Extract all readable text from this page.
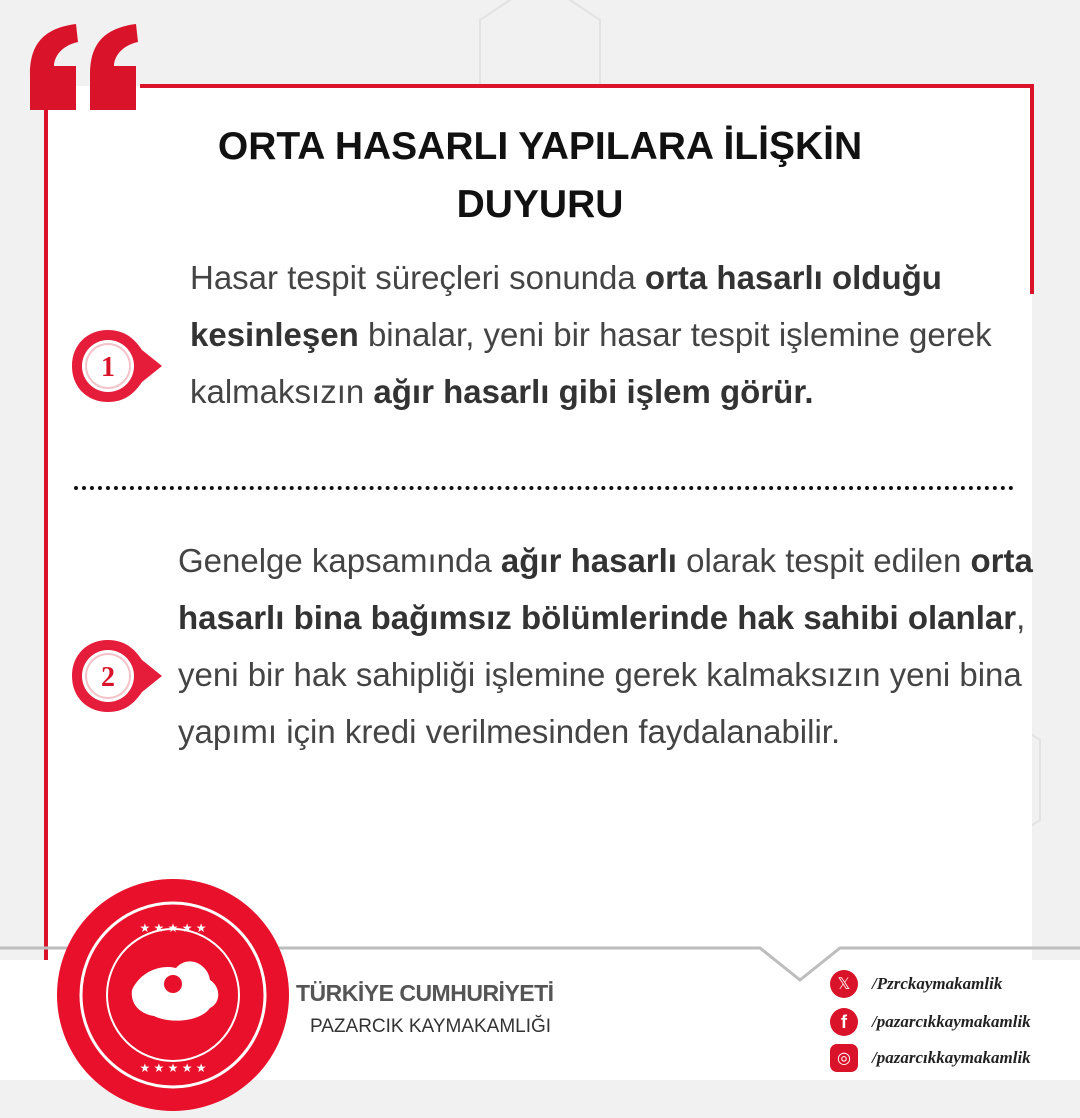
ORTA HASARLI YAPILARA İLİŞKİN
DUYURU
1

Hasar tespit süreçleri sonunda orta hasarlı olduğu kesinleşen binalar, yeni bir hasar tespit işlemine gerek kalmaksızın ağır hasarlı gibi işlem görür.

2

Genelge kapsamında ağır hasarlı olarak tespit edilen orta hasarlı bina bağımsız bölümlerinde hak sahibi olanlar, yeni bir hak sahipliği işlemine gerek kalmaksızın yeni bina yapımı için kredi verilmesinden faydalanabilir.

★ ★ ★ ★ ★
★ ★ ★ ★ ★

TÜRKİYE CUMHURİYETİ

PAZARCIK KAYMAKAMLIĞI

𝕏	/Pzrckaymakamlik
f	/pazarcıkkaymakamlik
◎	/pazarcıkkaymakamlik
